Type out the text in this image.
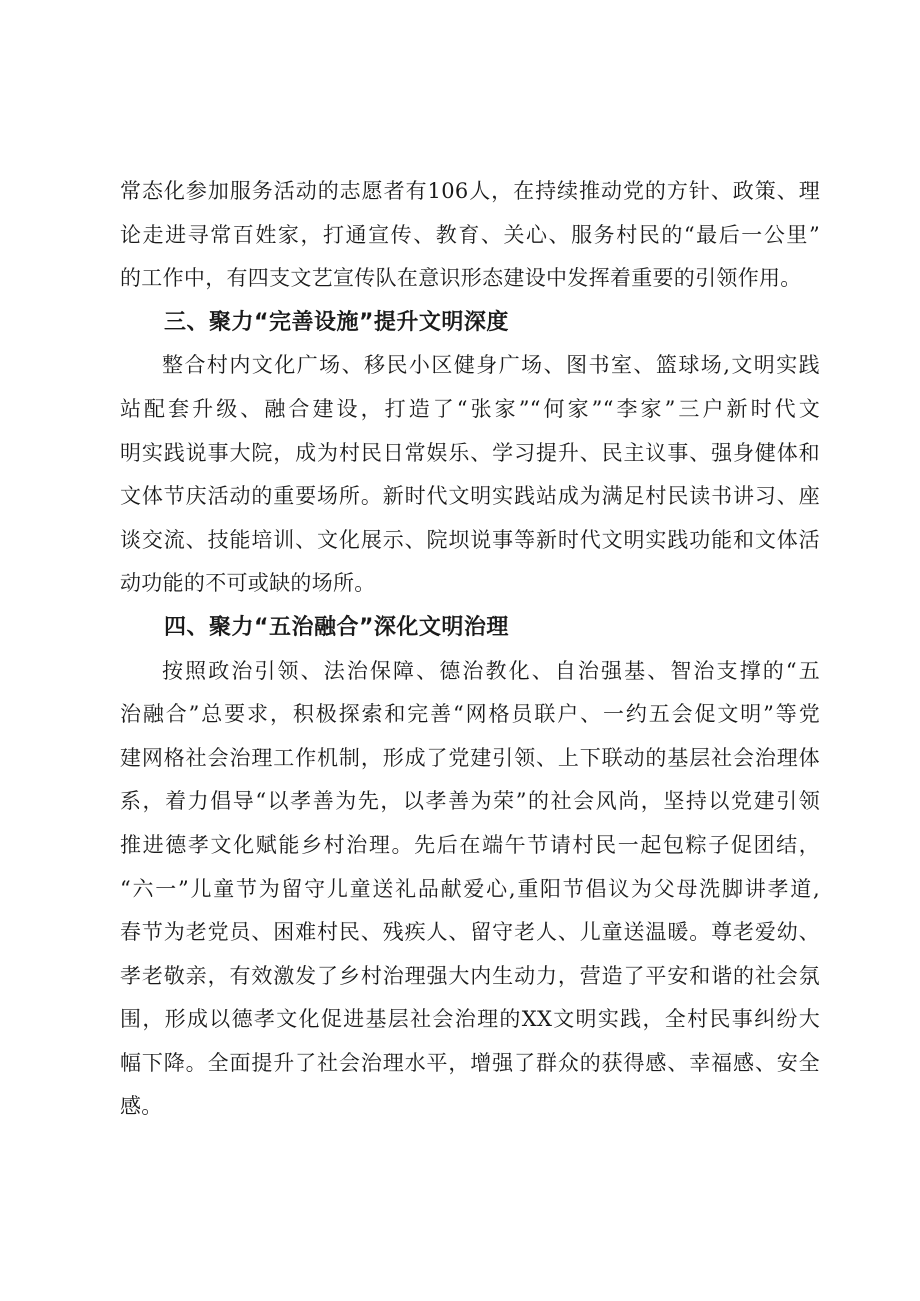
常态化参加服务活动的志愿者有106人，在持续推动党的方针、政策、理
论走进寻常百姓家，打通宣传、教育、关心、服务村民的“最后一公里”
的工作中，有四支文艺宣传队在意识形态建设中发挥着重要的引领作用。
三、聚力“完善设施”提升文明深度
整合村内文化广场、移民小区健身广场、图书室、篮球场,文明实践
站配套升级、融合建设，打造了“张家”“何家”“李家”三户新时代文
明实践说事大院，成为村民日常娱乐、学习提升、民主议事、强身健体和
文体节庆活动的重要场所。新时代文明实践站成为满足村民读书讲习、座
谈交流、技能培训、文化展示、院坝说事等新时代文明实践功能和文体活
动功能的不可或缺的场所。
四、聚力“五治融合”深化文明治理
按照政治引领、法治保障、德治教化、自治强基、智治支撑的“五
治融合”总要求，积极探索和完善“网格员联户、一约五会促文明”等党
建网格社会治理工作机制，形成了党建引领、上下联动的基层社会治理体
系，着力倡导“以孝善为先，以孝善为荣”的社会风尚，坚持以党建引领
推进德孝文化赋能乡村治理。先后在端午节请村民一起包粽子促团结，
“六一”儿童节为留守儿童送礼品献爱心,重阳节倡议为父母洗脚讲孝道,
春节为老党员、困难村民、残疾人、留守老人、儿童送温暖。尊老爱幼、
孝老敬亲，有效激发了乡村治理强大内生动力，营造了平安和谐的社会氛
围，形成以德孝文化促进基层社会治理的XX文明实践，全村民事纠纷大
幅下降。全面提升了社会治理水平，增强了群众的获得感、幸福感、安全
感。
